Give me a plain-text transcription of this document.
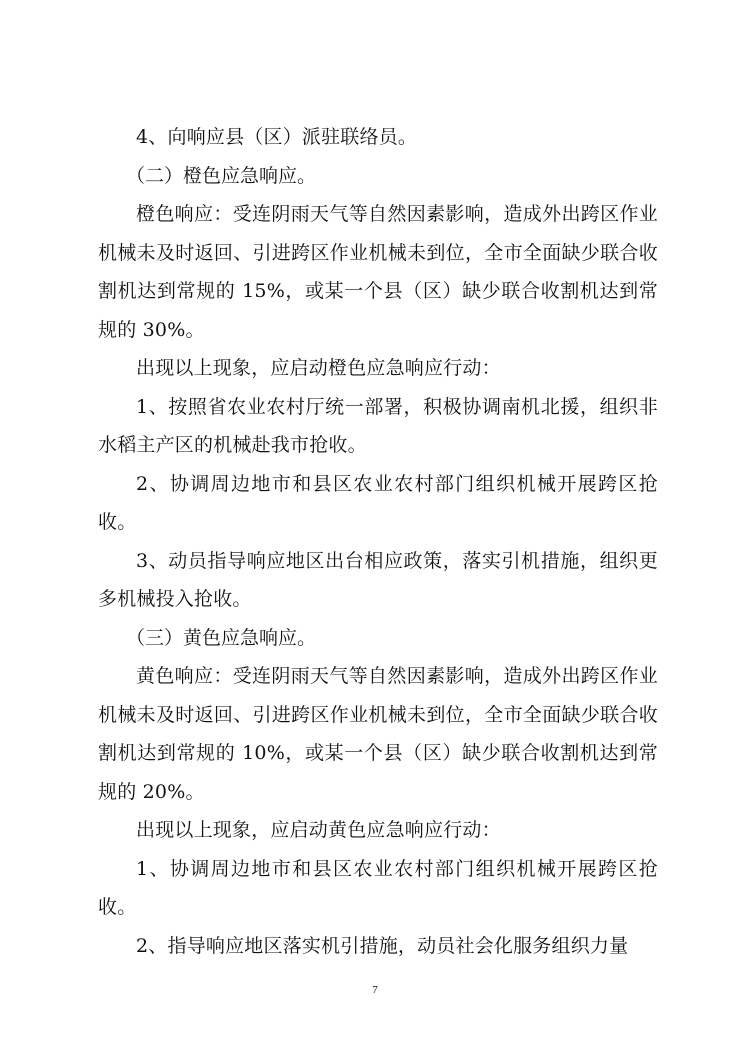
4、向响应县（区）派驻联络员。

（二）橙色应急响应。

橙色响应：受连阴雨天气等自然因素影响，造成外出跨区作业机械未及时返回、引进跨区作业机械未到位，全市全面缺少联合收割机达到常规的 15%，或某一个县（区）缺少联合收割机达到常规的 30%。

出现以上现象，应启动橙色应急响应行动：

1、按照省农业农村厅统一部署，积极协调南机北援，组织非水稻主产区的机械赴我市抢收。

2、协调周边地市和县区农业农村部门组织机械开展跨区抢收。

3、动员指导响应地区出台相应政策，落实引机措施，组织更多机械投入抢收。

（三）黄色应急响应。

黄色响应：受连阴雨天气等自然因素影响，造成外出跨区作业机械未及时返回、引进跨区作业机械未到位，全市全面缺少联合收割机达到常规的 10%，或某一个县（区）缺少联合收割机达到常规的 20%。

出现以上现象，应启动黄色应急响应行动：

1、协调周边地市和县区农业农村部门组织机械开展跨区抢收。

2、指导响应地区落实机引措施，动员社会化服务组织力量

7
